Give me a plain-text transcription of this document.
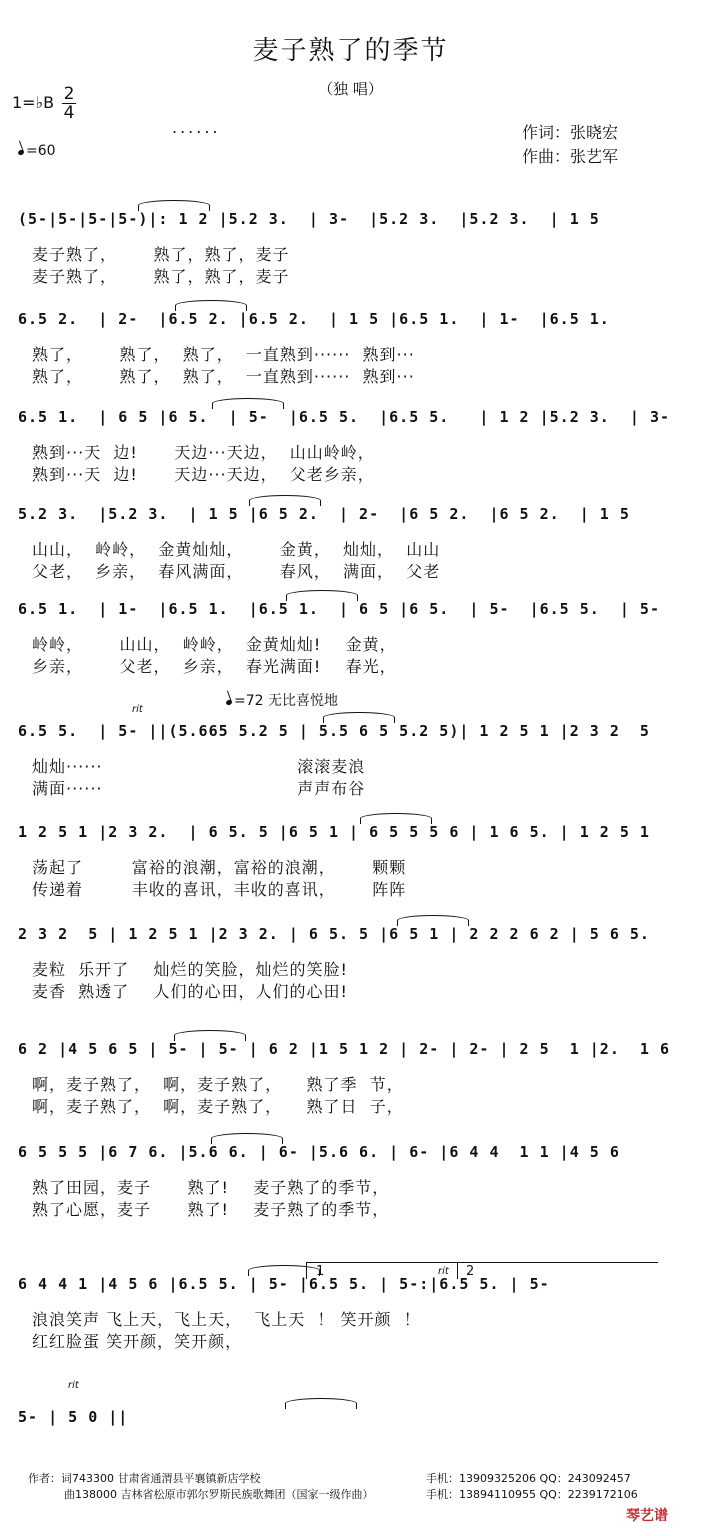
麦子熟了的季节
（独 唱）
1=♭B 2
4
......
=60
作词：张晓宏
作曲：张艺军
(5-|5-|5-|5-)|: 1 2 |5.2 3.  | 3-  |5.2 3.  |5.2 3.  | 1 5
麦子熟了，      熟了，熟了，麦子
麦子熟了，      熟了，熟了，麦子
6.5 2.  | 2-  |6.5 2. |6.5 2.  | 1 5 |6.5 1.  | 1-  |6.5 1.
熟了，      熟了，  熟了，  一直熟到······  熟到···
熟了，      熟了，  熟了，  一直熟到······  熟到···
6.5 1.  | 6 5 |6 5.  | 5-  |6.5 5.  |6.5 5.   | 1 2 |5.2 3.  | 3-
熟到···天  边!      天边···天边，  山山岭岭，
熟到···天  边!      天边···天边，  父老乡亲，
5.2 3.  |5.2 3.  | 1 5 |6 5 2.  | 2-  |6 5 2.  |6 5 2.  | 1 5
山山，  岭岭，  金黄灿灿，      金黄，  灿灿，  山山
父老，  乡亲，  春风满面，      春风，  满面，  父老
6.5 1.  | 1-  |6.5 1.  |6.5 1.  | 6 5 |6 5.  | 5-  |6.5 5.  | 5-
岭岭，      山山，  岭岭，  金黄灿灿!    金黄，
乡亲，      父老，  乡亲，  春光满面!    春光，
6.5 5.  | 5- ||(5.665 5.2 5 | 5.5 6 5 5.2 5)| 1 2 5 1 |2 3 2  5
灿灿······                                滚滚麦浪
满面······                                声声布谷
1 2 5 1 |2 3 2.  | 6 5. 5 |6 5 1 | 6 5 5 5 6 | 1 6 5. | 1 2 5 1
荡起了        富裕的浪潮，富裕的浪潮，      颗颗
传递着        丰收的喜讯，丰收的喜讯，      阵阵
2 3 2  5 | 1 2 5 1 |2 3 2. | 6 5. 5 |6 5 1 | 2 2 2 6 2 | 5 6 5.
麦粒  乐开了    灿烂的笑脸，灿烂的笑脸!
麦香  熟透了    人们的心田，人们的心田!
6 2 |4 5 6 5 | 5- | 5- | 6 2 |1 5 1 2 | 2- | 2- | 2 5  1 |2.  1 6
啊，麦子熟了，  啊，麦子熟了，    熟了季  节，
啊，麦子熟了，  啊，麦子熟了，    熟了日  子，
6 5 5 5 |6 7 6. |5.6 6. | 6- |5.6 6. | 6- |6 4 4  1 1 |4 5 6
熟了田园，麦子      熟了!    麦子熟了的季节，
熟了心愿，麦子      熟了!    麦子熟了的季节，
6 4 4 1 |4 5 6 |6.5 5. | 5- |6.5 5. | 5-:|6.5 5. | 5-
浪浪笑声 飞上天，飞上天，  飞上天  ！ 笑开颜  ！
红红脸蛋 笑开颜，笑开颜，
5- | 5 0 ||
=72 无比喜悦地
rit
1	rit 2
rit
作者：词743300 甘肃省通渭县平襄镇新店学校
曲138000 吉林省松原市郭尔罗斯民族歌舞团（国家一级作曲）
手机：13909325206 QQ：243092457
手机：13894110955 QQ：2239172106
琴艺谱
